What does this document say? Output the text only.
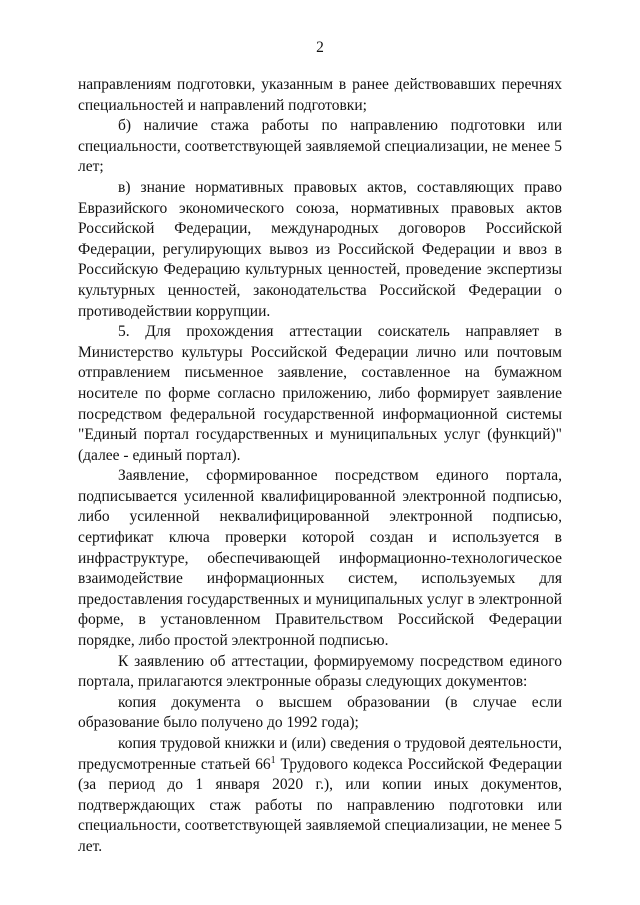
2

направлениям подготовки, указанным в ранее действовавших перечнях специальностей и направлений подготовки;

б) наличие стажа работы по направлению подготовки или специальности, соответствующей заявляемой специализации, не менее 5 лет;

в) знание нормативных правовых актов, составляющих право Евразийского экономического союза, нормативных правовых актов Российской Федерации, международных договоров Российской Федерации, регулирующих вывоз из Российской Федерации и ввоз в Российскую Федерацию культурных ценностей, проведение экспертизы культурных ценностей, законодательства Российской Федерации о противодействии коррупции.

5. Для прохождения аттестации соискатель направляет в Министерство культуры Российской Федерации лично или почтовым отправлением письменное заявление, составленное на бумажном носителе по форме согласно приложению, либо формирует заявление посредством федеральной государственной информационной системы "Единый портал государственных и муниципальных услуг (функций)" (далее - единый портал).

Заявление, сформированное посредством единого портала, подписывается усиленной квалифицированной электронной подписью, либо усиленной неквалифицированной электронной подписью, сертификат ключа проверки которой создан и используется в инфраструктуре, обеспечивающей информационно-технологическое взаимодействие информационных систем, используемых для предоставления государственных и муниципальных услуг в электронной форме, в установленном Правительством Российской Федерации порядке, либо простой электронной подписью.

К заявлению об аттестации, формируемому посредством единого портала, прилагаются электронные образы следующих документов:

копия документа о высшем образовании (в случае если образование было получено до 1992 года);

копия трудовой книжки и (или) сведения о трудовой деятельности, предусмотренные статьей $66^1$ Трудового кодекса Российской Федерации (за период до 1 января 2020 г.), или копии иных документов, подтверждающих стаж работы по направлению подготовки или специальности, соответствующей заявляемой специализации, не менее 5 лет.
